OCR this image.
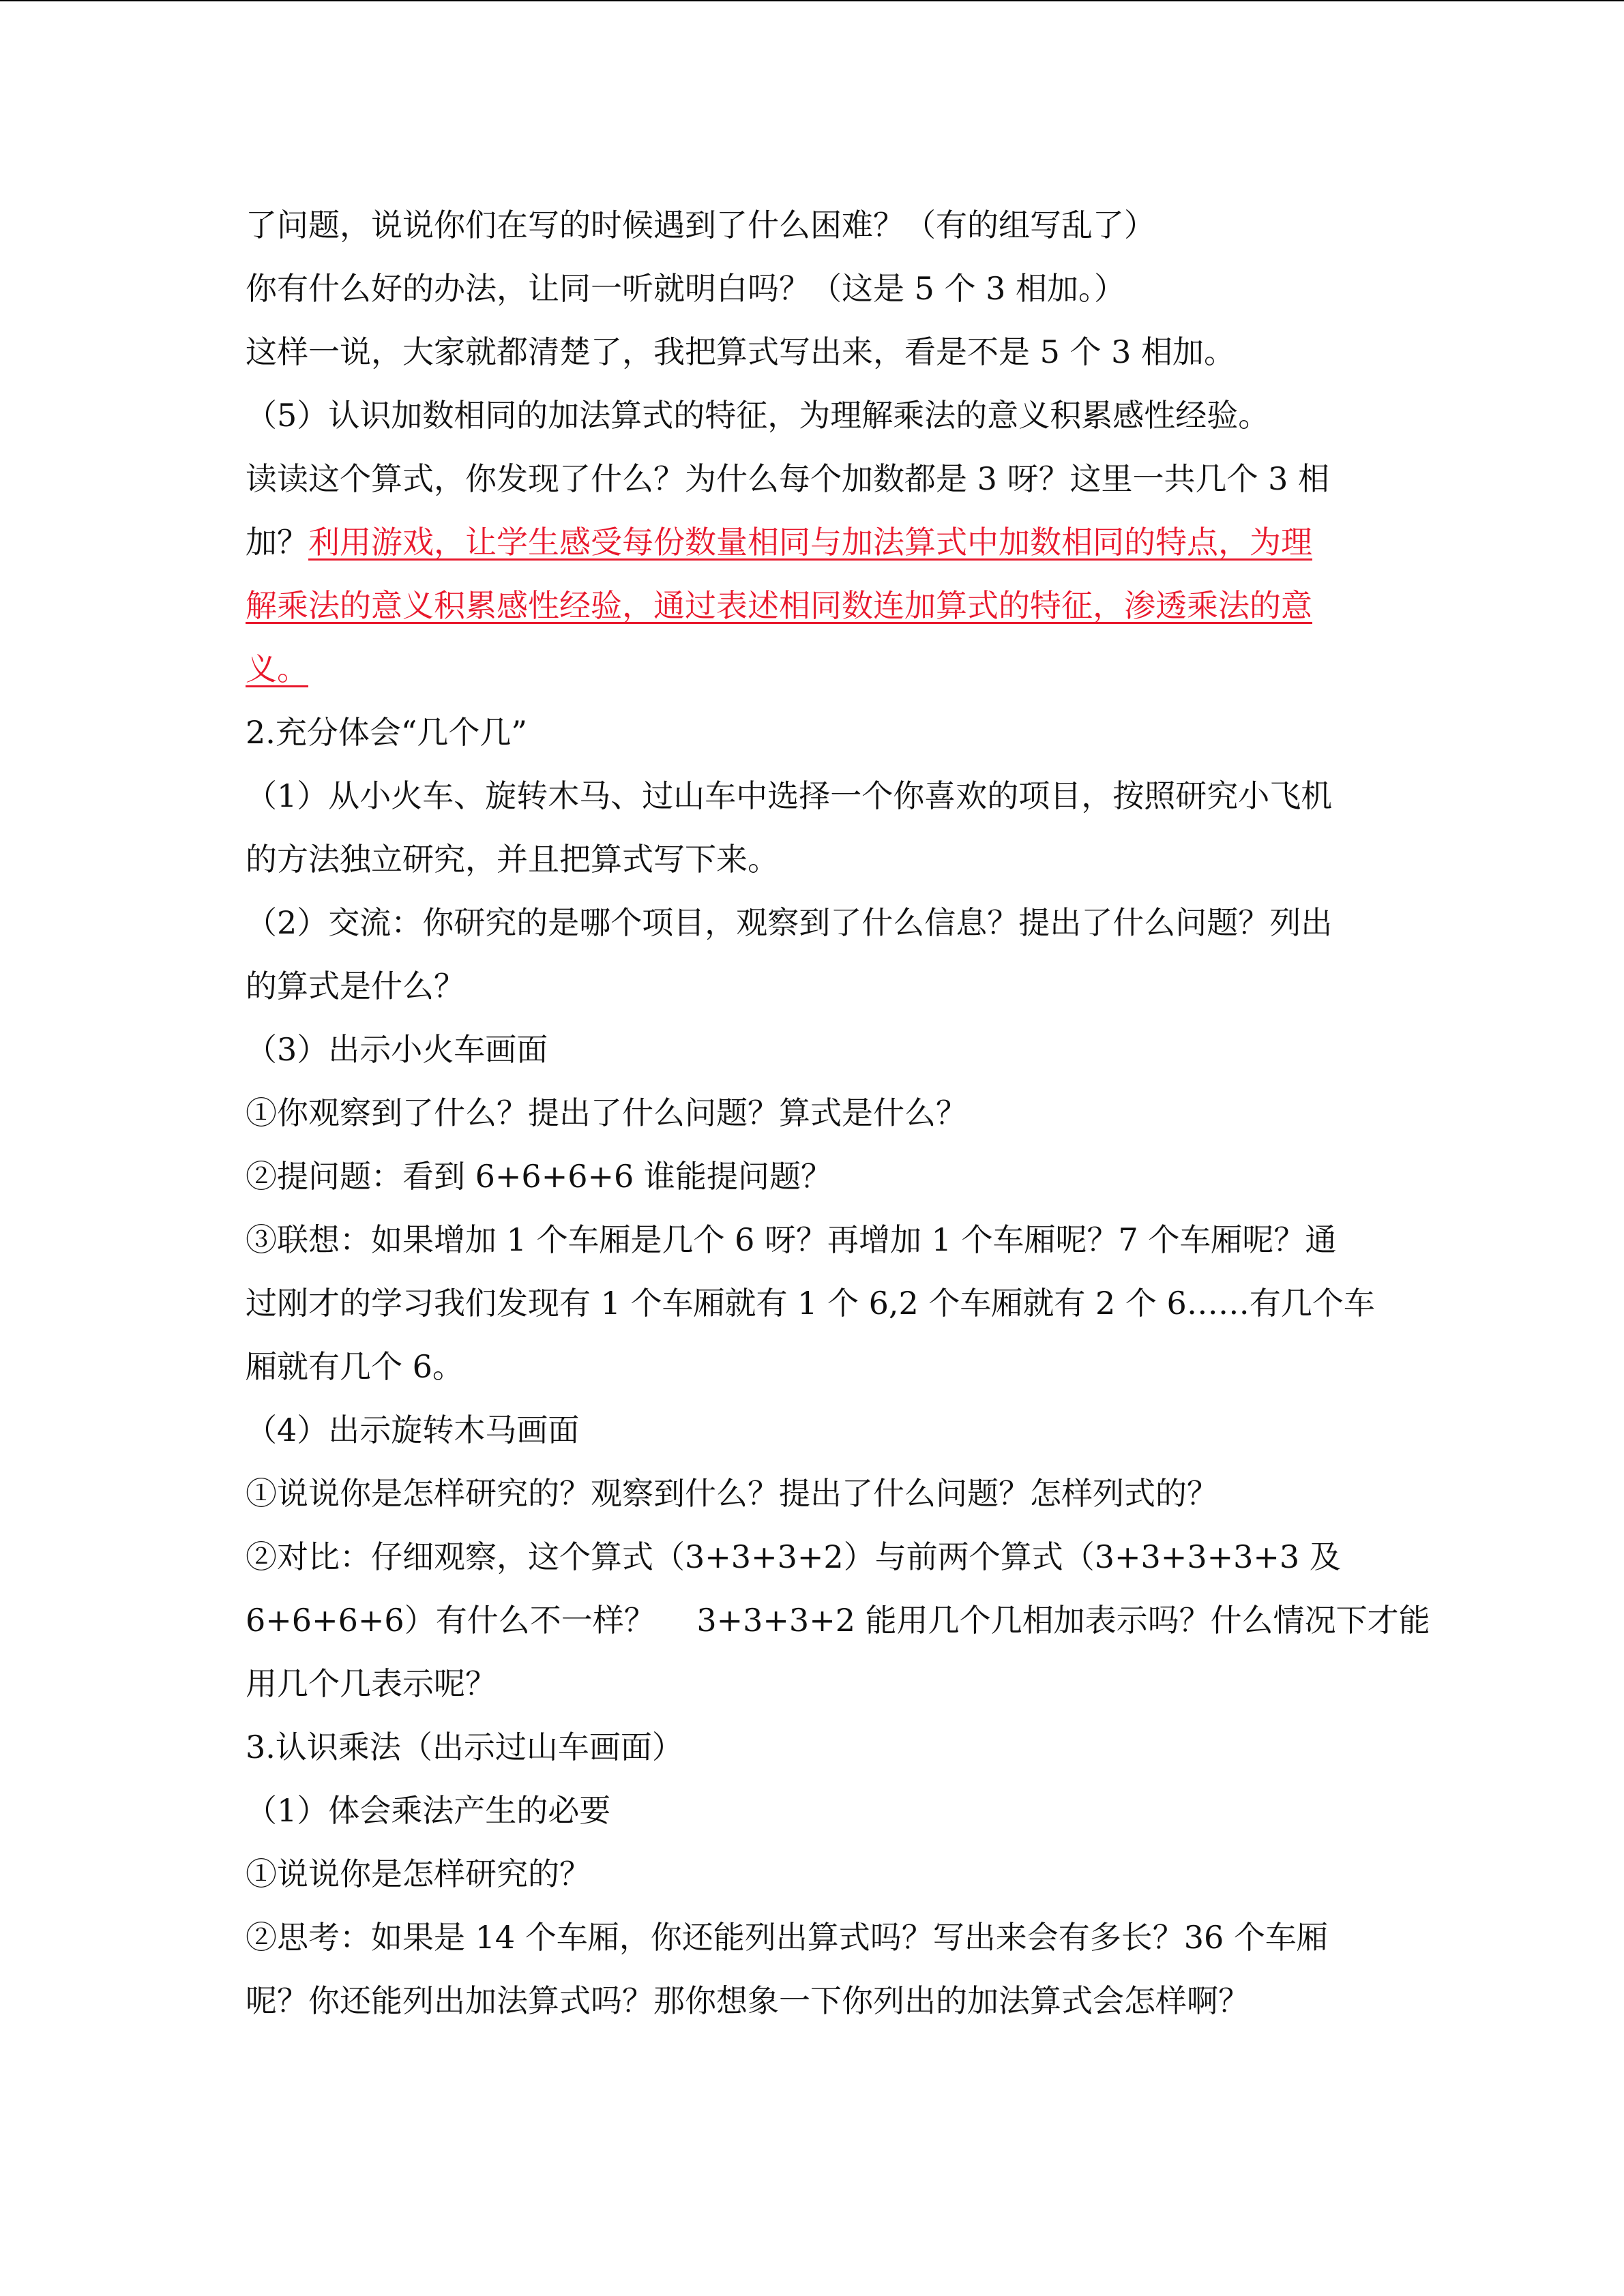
了问题，说说你们在写的时候遇到了什么困难？（有的组写乱了）
你有什么好的办法，让同一听就明白吗？（这是 5 个 3 相加。）
这样一说，大家就都清楚了，我把算式写出来，看是不是 5 个 3 相加。
（5）认识加数相同的加法算式的特征，为理解乘法的意义积累感性经验。
读读这个算式，你发现了什么？为什么每个加数都是 3 呀？这里一共几个 3 相
加？利用游戏，让学生感受每份数量相同与加法算式中加数相同的特点，为理
解乘法的意义积累感性经验，通过表述相同数连加算式的特征，渗透乘法的意
义。
2.充分体会“几个几”
（1）从小火车、旋转木马、过山车中选择一个你喜欢的项目，按照研究小飞机
的方法独立研究，并且把算式写下来。
（2）交流：你研究的是哪个项目，观察到了什么信息？提出了什么问题？列出
的算式是什么？
（3）出示小火车画面
①你观察到了什么？提出了什么问题？算式是什么？
②提问题：看到 6+6+6+6 谁能提问题？
③联想：如果增加 1 个车厢是几个 6 呀？再增加 1 个车厢呢？7 个车厢呢？通
过刚才的学习我们发现有 1 个车厢就有 1 个 6,2 个车厢就有 2 个 6……有几个车
厢就有几个 6。
（4）出示旋转木马画面
①说说你是怎样研究的？观察到什么？提出了什么问题？怎样列式的？
②对比：仔细观察，这个算式（3+3+3+2）与前两个算式（3+3+3+3+3 及
6+6+6+6）有什么不一样？　 3+3+3+2 能用几个几相加表示吗？什么情况下才能
用几个几表示呢？
3.认识乘法（出示过山车画面）
（1）体会乘法产生的必要
①说说你是怎样研究的？
②思考：如果是 14 个车厢，你还能列出算式吗？写出来会有多长？36 个车厢
呢？你还能列出加法算式吗？那你想象一下你列出的加法算式会怎样啊？
